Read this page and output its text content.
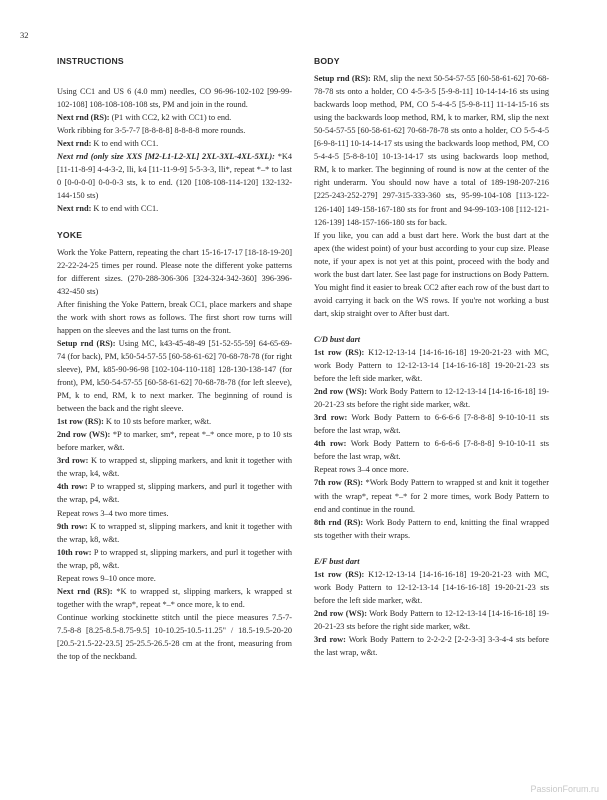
32
INSTRUCTIONS

Using CC1 and US 6 (4.0 mm) needles, CO 96-96-102-102 [99-99-102-108] 108-108-108-108 sts, PM and join in the round.

Next rnd (RS): (P1 with CC2, k2 with CC1) to end.

Work ribbing for 3-5-7-7 [8-8-8-8] 8-8-8-8 more rounds.

Next rnd: K to end with CC1.

Next rnd (only size XXS [M2-L1-L2-XL] 2XL-3XL-4XL-5XL): *K4 [11-11-8-9] 4-4-3-2, lli, k4 [11-11-9-9] 5-5-3-3, lli*, repeat *–* to last 0 [0-0-0-0] 0-0-0-3 sts, k to end. (120 [108-108-114-120] 132-132-144-150 sts)

Next rnd: K to end with CC1.

YOKE

Work the Yoke Pattern, repeating the chart 15-16-17-17 [18-18-19-20] 22-22-24-25 times per round. Please note the different yoke patterns for different sizes. (270-288-306-306 [324-324-342-360] 396-396-432-450 sts)

After finishing the Yoke Pattern, break CC1, place markers and shape the work with short rows as follows. The first short row turns will happen on the sleeves and the last turns on the front.

Setup rnd (RS): Using MC, k43-45-48-49 [51-52-55-59] 64-65-69-74 (for back), PM, k50-54-57-55 [60-58-61-62] 70-68-78-78 (for right sleeve), PM, k85-90-96-98 [102-104-110-118] 128-130-138-147 (for front), PM, k50-54-57-55 [60-58-61-62] 70-68-78-78 (for left sleeve), PM, k to end, RM, k to next marker. The beginning of round is between the back and the right sleeve.

1st row (RS): K to 10 sts before marker, w&t.

2nd row (WS): *P to marker, sm*, repeat *–* once more, p to 10 sts before marker, w&t.

3rd row: K to wrapped st, slipping markers, and knit it together with the wrap, k4, w&t.

4th row: P to wrapped st, slipping markers, and purl it together with the wrap, p4, w&t.

Repeat rows 3–4 two more times.

9th row: K to wrapped st, slipping markers, and knit it together with the wrap, k8, w&t.

10th row: P to wrapped st, slipping markers, and purl it together with the wrap, p8, w&t.

Repeat rows 9–10 once more.

Next rnd (RS): *K to wrapped st, slipping markers, k wrapped st together with the wrap*, repeat *–* once more, k to end.

Continue working stockinette stitch until the piece measures 7.5-7-7.5-8-8 [8.25-8.5-8.75-9.5] 10-10.25-10.5-11.25" / 18.5-19.5-20-20 [20.5-21.5-22-23.5] 25-25.5-26.5-28 cm at the front, measuring from the top of the neckband.

BODY

Setup rnd (RS): RM, slip the next 50-54-57-55 [60-58-61-62] 70-68-78-78 sts onto a holder, CO 4-5-3-5 [5-9-8-11] 10-14-14-16 sts using backwards loop method, PM, CO 5-4-4-5 [5-9-8-11] 11-14-15-16 sts using the backwards loop method, RM, k to marker, RM, slip the next 50-54-57-55 [60-58-61-62] 70-68-78-78 sts onto a holder, CO 5-5-4-5 [6-9-8-11] 10-14-14-17 sts using the backwards loop method, PM, CO 5-4-4-5 [5-8-8-10] 10-13-14-17 sts using backwards loop method, RM, k to marker. The beginning of round is now at the center of the right underarm. You should now have a total of 189-198-207-216 [225-243-252-279] 297-315-333-360 sts, 95-99-104-108 [113-122-126-140] 149-158-167-180 sts for front and 94-99-103-108 [112-121-126-139] 148-157-166-180 sts for back.

If you like, you can add a bust dart here. Work the bust dart at the apex (the widest point) of your bust according to your cup size. Please note, if your apex is not yet at this point, proceed with the body and work the bust dart later. See last page for instructions on Body Pattern. You might find it easier to break CC2 after each row of the bust dart to avoid carrying it back on the WS rows. If you're not working a bust dart, skip straight over to After bust dart.

C/D bust dart

1st row (RS): K12-12-13-14 [14-16-16-18] 19-20-21-23 with MC, work Body Pattern to 12-12-13-14 [14-16-16-18] 19-20-21-23 sts before the left side marker, w&t.

2nd row (WS): Work Body Pattern to 12-12-13-14 [14-16-16-18] 19-20-21-23 sts before the right side marker, w&t.

3rd row: Work Body Pattern to 6-6-6-6 [7-8-8-8] 9-10-10-11 sts before the last wrap, w&t.

4th row: Work Body Pattern to 6-6-6-6 [7-8-8-8] 9-10-10-11 sts before the last wrap, w&t.

Repeat rows 3–4 once more.

7th row (RS): *Work Body Pattern to wrapped st and knit it together with the wrap*, repeat *–* for 2 more times, work Body Pattern to end and continue in the round.

8th rnd (RS): Work Body Pattern to end, knitting the final wrapped sts together with their wraps.

E/F bust dart

1st row (RS): K12-12-13-14 [14-16-16-18] 19-20-21-23 with MC, work Body Pattern to 12-12-13-14 [14-16-16-18] 19-20-21-23 sts before the left side marker, w&t.

2nd row (WS): Work Body Pattern to 12-12-13-14 [14-16-16-18] 19-20-21-23 sts before the right side marker, w&t.

3rd row: Work Body Pattern to 2-2-2-2 [2-2-3-3] 3-3-4-4 sts before the last wrap, w&t.

PassionForum.ru
